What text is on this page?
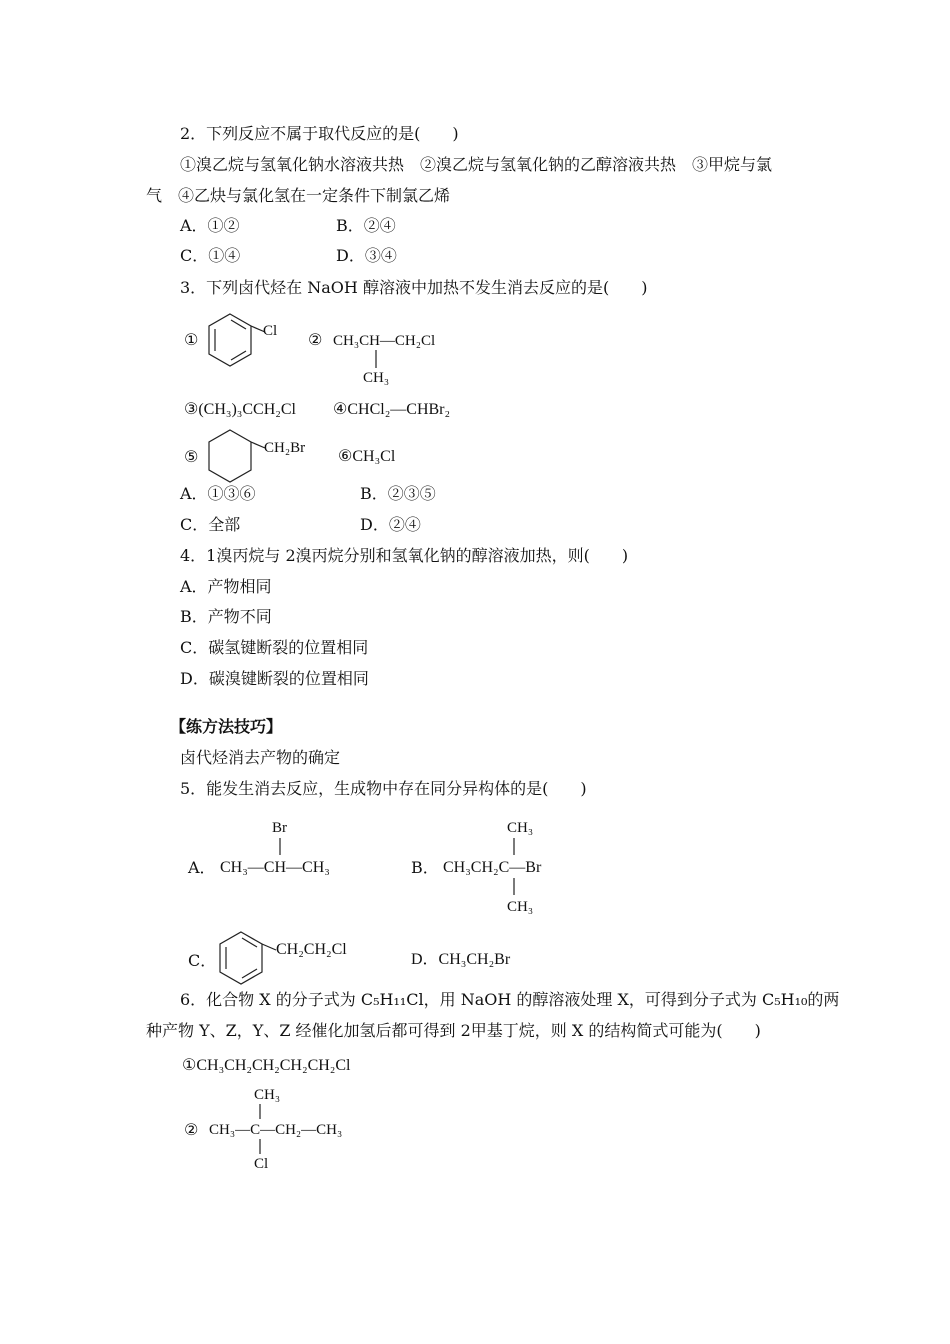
2．下列反应不属于取代反应的是(　　)
①溴乙烷与氢氧化钠水溶液共热　②溴乙烷与氢氧化钠的乙醇溶液共热　③甲烷与氯
气　④乙炔与氯化氢在一定条件下制氯乙烯
A．①②	B．②④
C．①④	D．③④
3．下列卤代烃在 NaOH 醇溶液中加热不发生消去反应的是(　　)
①	Cl ② CH₃CH—CH₂Cl
CH₃
③(CH₃)₃CCH₂Cl ④CHCl₂—CHBr₂
⑤	CH₂Br ⑥CH₃Cl
A．①③⑥	B．②③⑤
C．全部	D．②④
4．1溴丙烷与 2溴丙烷分别和氢氧化钠的醇溶液加热，则(　　)
A．产物相同
B．产物不同
C．碳氢键断裂的位置相同
D．碳溴键断裂的位置相同
【练方法技巧】
卤代烃消去产物的确定
5．能发生消去反应，生成物中存在同分异构体的是(　　)
Br
A． CH₃—CH—CH₃
CH₃
B． CH₃CH₂C—Br
CH₃
C．
CH₂CH₂Cl
D．CH₃CH₂Br
6．化合物 X 的分子式为 C₅H₁₁Cl，用 NaOH 的醇溶液处理 X，可得到分子式为 C₅H₁₀的两
种产物 Y、Z，Y、Z 经催化加氢后都可得到 2甲基丁烷，则 X 的结构简式可能为(　　)
①CH₃CH₂CH₂CH₂CH₂Cl
CH₃
② CH₃—C—CH₂—CH₃
Cl
